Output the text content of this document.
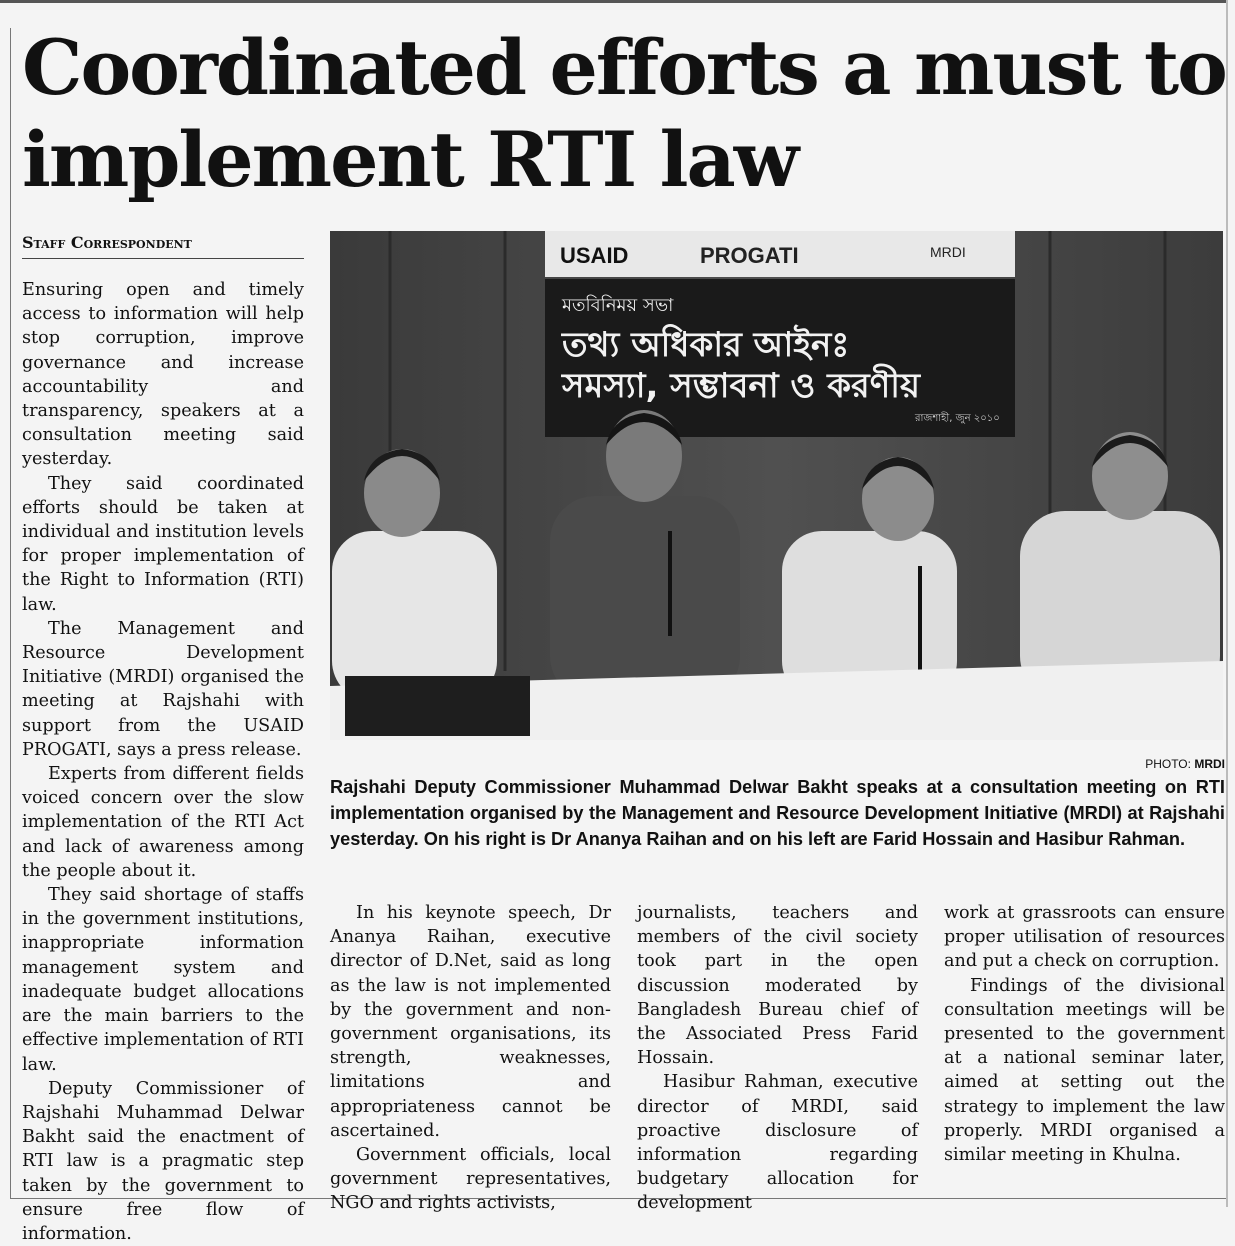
Coordinated efforts a must to implement RTI law
Staff Correspondent

Ensuring open and timely access to information will help stop corruption, improve governance and increase accountability and transparency, speakers at a consultation meeting said yesterday.

They said coordinated efforts should be taken at individual and institution levels for proper implementation of the Right to Information (RTI) law.

The Management and Resource Development Initiative (MRDI) organised the meeting at Rajshahi with support from the USAID PROGATI, says a press release.

Experts from different fields voiced concern over the slow implementation of the RTI Act and lack of awareness among the people about it.

They said shortage of staffs in the government institutions, inappropriate information management system and inadequate budget allocations are the main barriers to the effective implementation of RTI law.

Deputy Commissioner of Rajshahi Muhammad Delwar Bakht said the enactment of RTI law is a pragmatic step taken by the government to ensure free flow of information.

USAID	PROGATI	MRDI
মতবিনিময় সভা
তথ্য অধিকার আইনঃ
সমস্যা, সম্ভাবনা ও করণীয়
রাজশাহী, জুন ২০১০
PHOTO: MRDI
Rajshahi Deputy Commissioner Muhammad Delwar Bakht speaks at a consultation meeting on RTI implementation organised by the Management and Resource Development Initiative (MRDI) at Rajshahi yesterday. On his right is Dr Ananya Raihan and on his left are Farid Hossain and Hasibur Rahman.

In his keynote speech, Dr Ananya Raihan, executive director of D.Net, said as long as the law is not implemented by the government and non-government organisations, its strength, weaknesses, limitations and appropriateness cannot be ascertained.

Government officials, local government representatives, NGO and rights activists,

journalists, teachers and members of the civil society took part in the open discussion moderated by Bangladesh Bureau chief of the Associated Press Farid Hossain.

Hasibur Rahman, executive director of MRDI, said proactive disclosure of information regarding budgetary allocation for development

work at grassroots can ensure proper utilisation of resources and put a check on corruption.

Findings of the divisional consultation meetings will be presented to the government at a national seminar later, aimed at setting out the strategy to implement the law properly. MRDI organised a similar meeting in Khulna.
